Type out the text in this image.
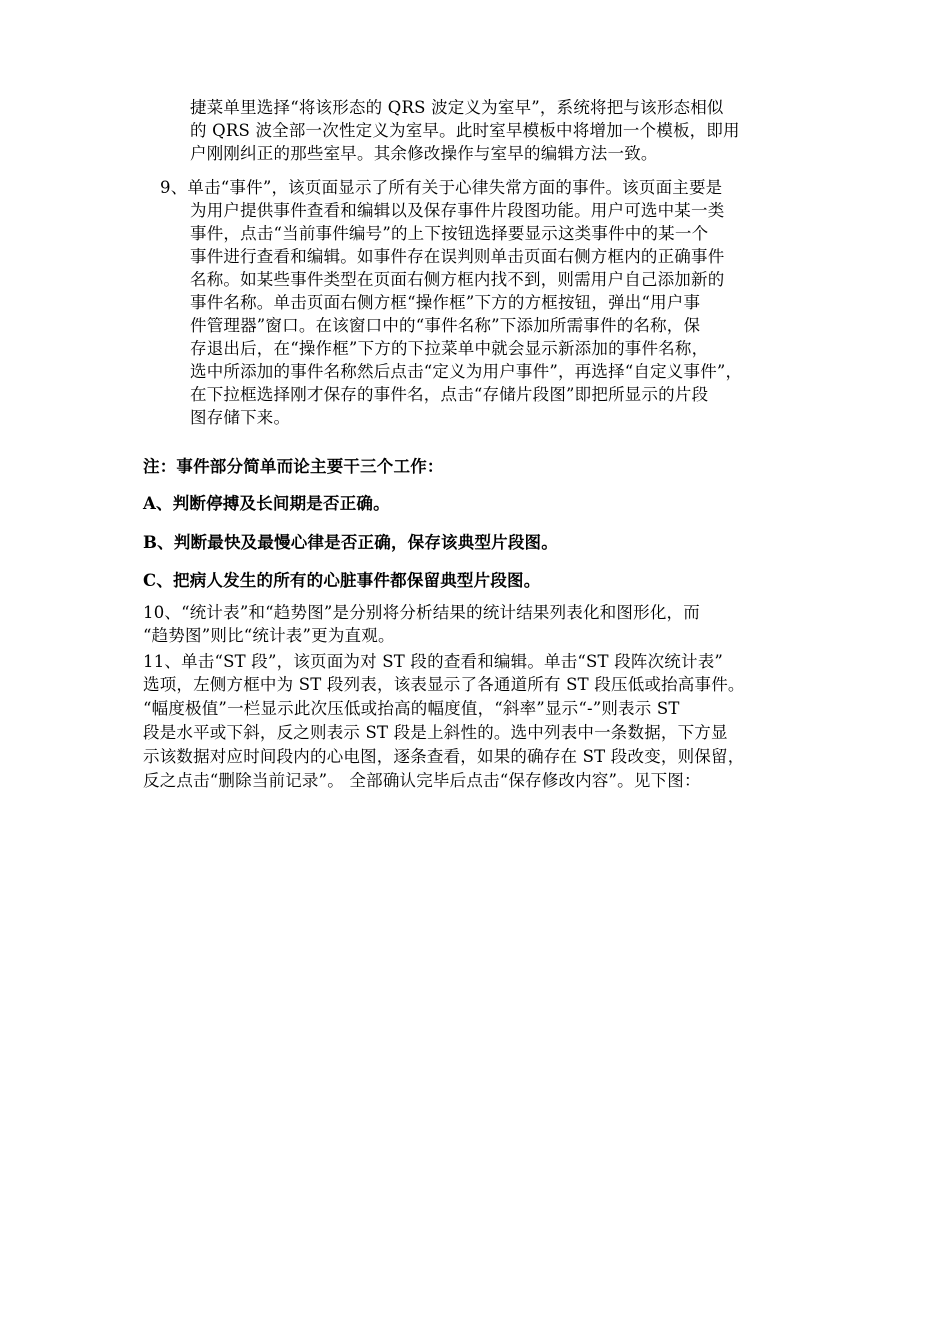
捷菜单里选择“将该形态的 QRS 波定义为室早”，系统将把与该形态相似
的 QRS 波全部一次性定义为室早。此时室早模板中将增加一个模板，即用
户刚刚纠正的那些室早。其余修改操作与室早的编辑方法一致。
9、单击“事件”，该页面显示了所有关于心律失常方面的事件。该页面主要是
为用户提供事件查看和编辑以及保存事件片段图功能。用户可选中某一类
事件，点击“当前事件编号”的上下按钮选择要显示这类事件中的某一个
事件进行查看和编辑。如事件存在误判则单击页面右侧方框内的正确事件
名称。如某些事件类型在页面右侧方框内找不到，则需用户自己添加新的
事件名称。单击页面右侧方框“操作框”下方的方框按钮，弹出“用户事
件管理器”窗口。在该窗口中的“事件名称”下添加所需事件的名称，保
存退出后，在“操作框”下方的下拉菜单中就会显示新添加的事件名称，
选中所添加的事件名称然后点击“定义为用户事件”，再选择“自定义事件”，
在下拉框选择刚才保存的事件名，点击“存储片段图”即把所显示的片段
图存储下来。
注：事件部分简单而论主要干三个工作：
A、判断停搏及长间期是否正确。
B、判断最快及最慢心律是否正确，保存该典型片段图。
C、把病人发生的所有的心脏事件都保留典型片段图。
10、“统计表”和“趋势图”是分别将分析结果的统计结果列表化和图形化，而
“趋势图”则比“统计表”更为直观。
11、单击“ST 段”，该页面为对 ST 段的查看和编辑。单击“ST 段阵次统计表”
选项，左侧方框中为 ST 段列表，该表显示了各通道所有 ST 段压低或抬高事件。
“幅度极值”一栏显示此次压低或抬高的幅度值，“斜率”显示“-”则表示 ST
段是水平或下斜，反之则表示 ST 段是上斜性的。选中列表中一条数据，下方显
示该数据对应时间段内的心电图，逐条查看，如果的确存在 ST 段改变，则保留，
反之点击“删除当前记录”。 全部确认完毕后点击“保存修改内容”。见下图：
